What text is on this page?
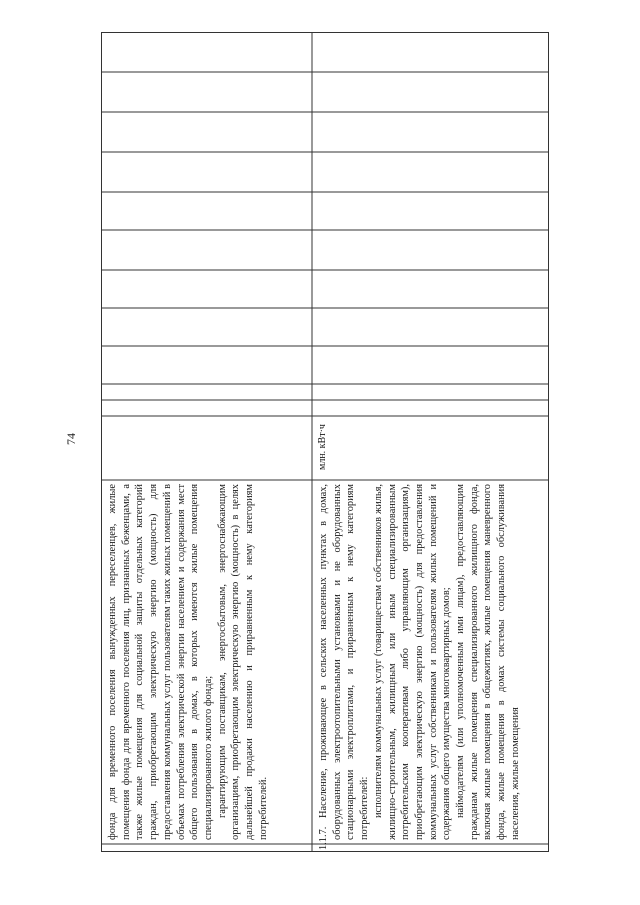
74

фонда для временного поселения вынужденных переселенцев, жилые помещения фонда для временного поселения лиц, признанных беженцами, а также жилые помещения для социальной защиты отдельных категорий граждан, приобретающим электрическую энергию (мощность) для предоставления коммунальных услуг пользователям таких жилых помещений в объемах потребления электрической энергии населением и содержания мест общего пользования в домах, в которых имеются жилые помещения специализированного жилого фонда; гарантирующим поставщикам, энергосбытовым, энергоснабжающим организациям, приобретающим электрическую энергию (мощность) в целях дальнейшей продажи населению и приравненным к нему категориям потребителей.	1.1.7.
млн. кВт·ч

Население, проживающее в сельских населенных пунктах в домах, оборудованных электроотопительными установками и не оборудованных стационарными электроплитами, и приравненным к нему категориям потребителей: исполнителям коммунальных услуг (товариществам собственников жилья, жилищно-строительным, жилищным или иным специализированным потребительским кооперативам либо управляющим организациям), приобретающим электрическую энергию (мощность) для предоставления коммунальных услуг собственникам и пользователям жилых помещений и содержания общего имущества многоквартирных домов; наймодателям (или уполномоченным ими лицам), предоставляющим гражданам жилые помещения специализированного жилищного фонда, включая жилые помещения в общежитиях, жилые помещения маневренного фонда, жилые помещения в домах системы социального обслуживания населения, жилые помещения
